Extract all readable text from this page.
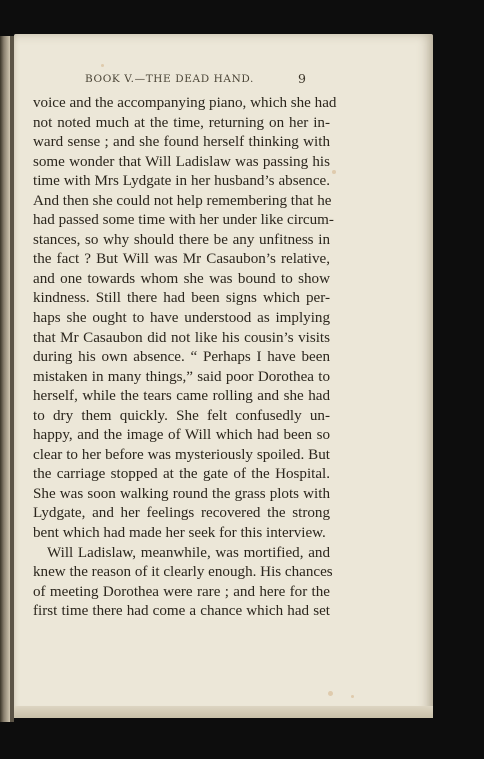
BOOK V.—THE DEAD HAND.	9
voice and the accompanying piano, which she had
not noted much at the time, returning on her in-
ward sense ; and she found herself thinking with
some wonder that Will Ladislaw was passing his
time with Mrs Lydgate in her husband’s absence.
And then she could not help remembering that he
had passed some time with her under like circum-
stances, so why should there be any unfitness in
the fact ? But Will was Mr Casaubon’s relative,
and one towards whom she was bound to show
kindness. Still there had been signs which per-
haps she ought to have understood as implying
that Mr Casaubon did not like his cousin’s visits
during his own absence. “ Perhaps I have been
mistaken in many things,” said poor Dorothea to
herself, while the tears came rolling and she had
to dry them quickly. She felt confusedly un-
happy, and the image of Will which had been so
clear to her before was mysteriously spoiled. But
the carriage stopped at the gate of the Hospital.
She was soon walking round the grass plots with
Lydgate, and her feelings recovered the strong
bent which had made her seek for this interview.
Will Ladislaw, meanwhile, was mortified, and
knew the reason of it clearly enough. His chances
of meeting Dorothea were rare ; and here for the
first time there had come a chance which had set
